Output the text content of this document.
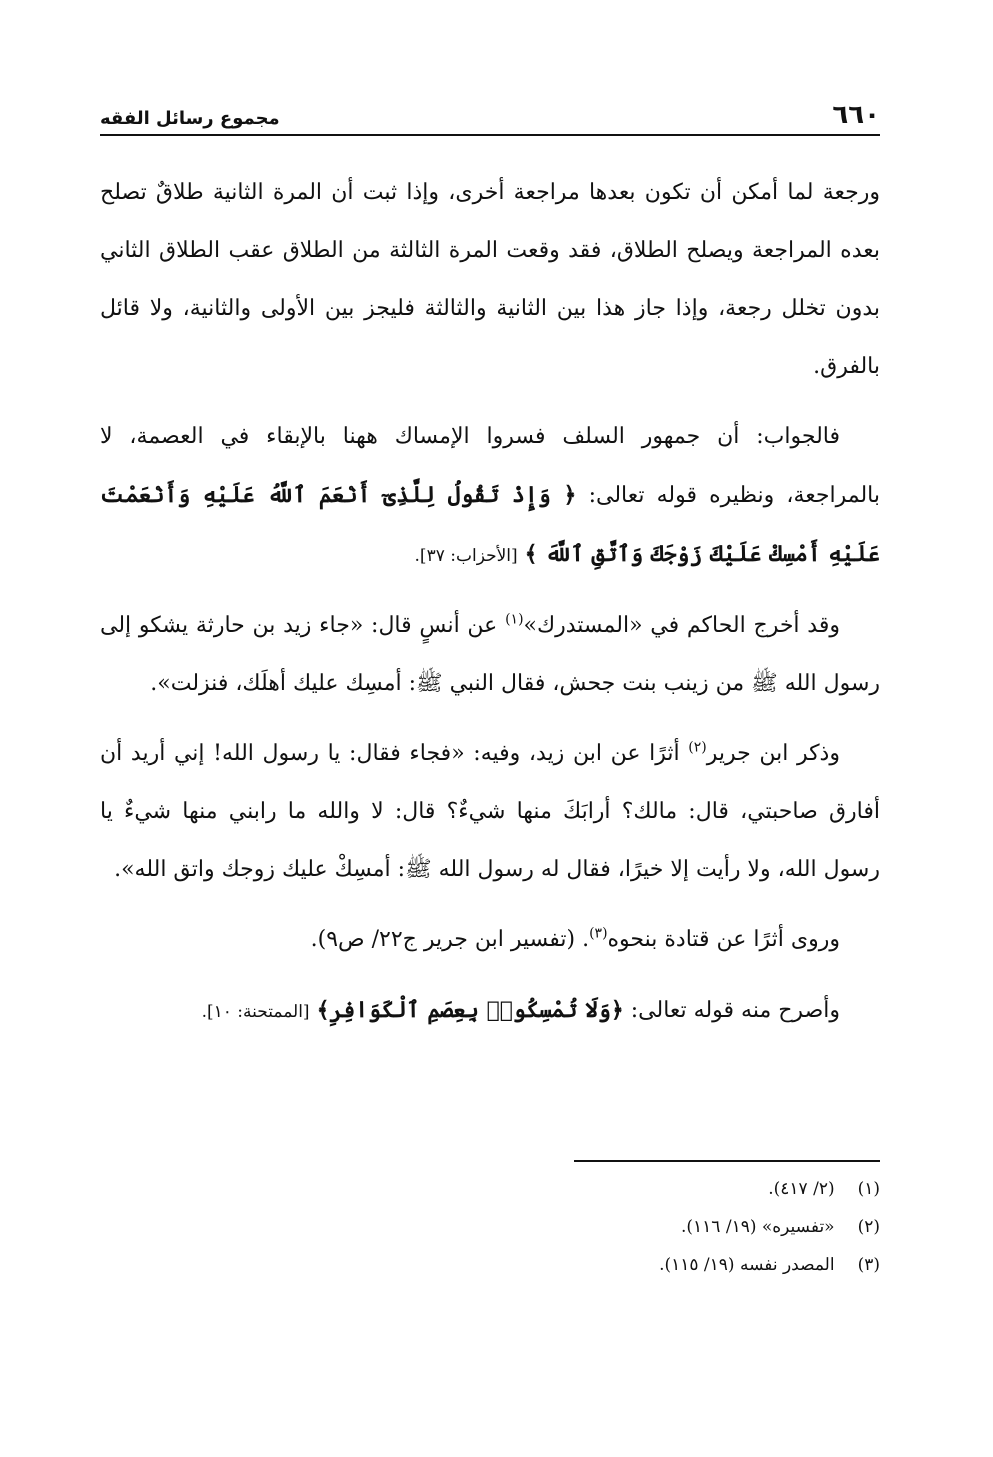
٦٦٠
مجموع رسائل الفقه

ورجعة لما أمكن أن تكون بعدها مراجعة أخرى، وإذا ثبت أن المرة الثانية طلاقٌ تصلح بعده المراجعة ويصلح الطلاق، فقد وقعت المرة الثالثة من الطلاق عقب الطلاق الثاني بدون تخلل رجعة، وإذا جاز هذا بين الثانية والثالثة فليجز بين الأولى والثانية، ولا قائل بالفرق.

فالجواب: أن جمهور السلف فسروا الإمساك ههنا بالإبقاء في العصمة، لا بالمراجعة، ونظيره قوله تعالى: ﴿ وَإِذْ تَقُولُ لِلَّذِىٓ أَنْعَمَ ٱللَّهُ عَلَيْهِ وَأَنْعَمْتَ عَلَيْهِ أَمْسِكْ عَلَيْكَ زَوْجَكَ وَٱتَّقِ ٱللَّهَ ﴾ [الأحزاب: ٣٧].

وقد أخرج الحاكم في «المستدرك»$^{(١)}$ عن أنسٍ قال: «جاء زيد بن حارثة يشكو إلى رسول الله ﷺ من زينب بنت جحش، فقال النبي ﷺ: أمسِك عليك أهلَك، فنزلت».

وذكر ابن جرير$^{(٢)}$ أثرًا عن ابن زيد، وفيه: «فجاء فقال: يا رسول الله! إني أريد أن أفارق صاحبتي، قال: مالك؟ أرابَكَ منها شيءٌ؟ قال: لا والله ما رابني منها شيءٌ يا رسول الله، ولا رأيت إلا خيرًا، فقال له رسول الله ﷺ: أمسِكْ عليك زوجك واتق الله».

وروى أثرًا عن قتادة بنحوه$^{(٣)}$. (تفسير ابن جرير ج٢٢/ ص٩).

وأصرح منه قوله تعالى: ﴿وَلَا تُمْسِكُوا۟ بِعِصَمِ ٱلْكَوَافِرِ﴾ [الممتحنة: ١٠].

(١) (٢/ ٤١٧).

(٢) «تفسيره» (١٩/ ١١٦).

(٣) المصدر نفسه (١٩/ ١١٥).
